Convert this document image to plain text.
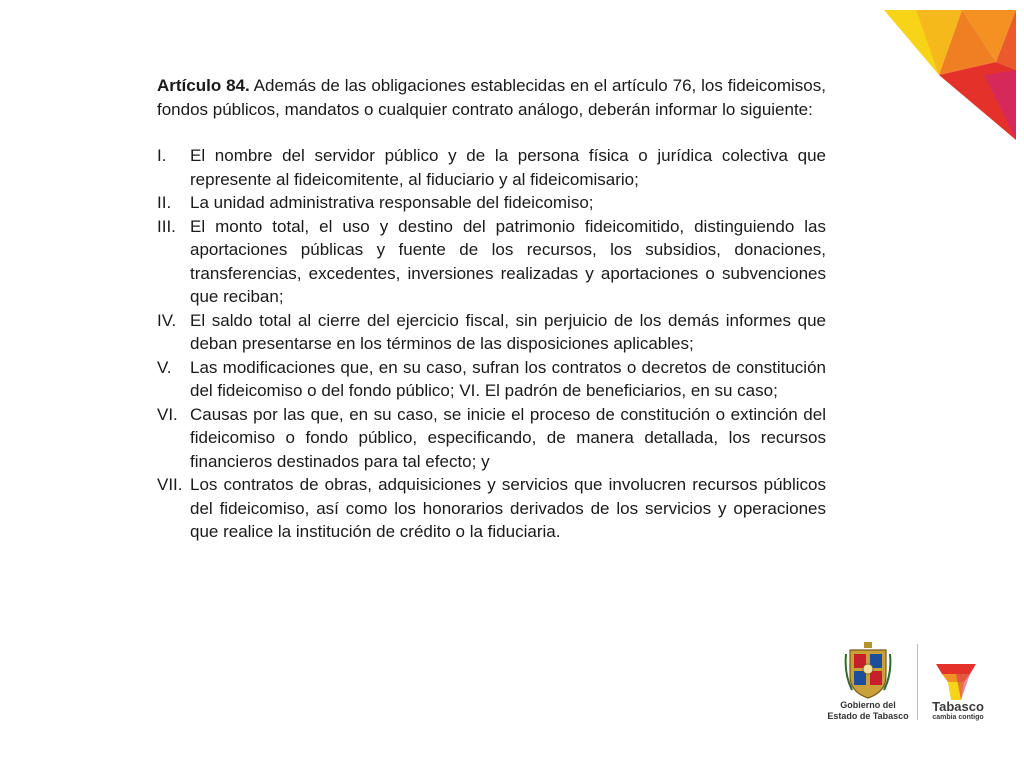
Artículo 84. Además de las obligaciones establecidas en el artículo 76, los fideicomisos, fondos públicos, mandatos o cualquier contrato análogo, deberán informar lo siguiente:

I.	El nombre del servidor público y de la persona física o jurídica colectiva que represente al fideicomitente, al fiduciario y al fideicomisario;
II.	La unidad administrativa responsable del fideicomiso;
III. El monto total, el uso y destino del patrimonio fideicomitido, distinguiendo las aportaciones públicas y fuente de los recursos, los subsidios, donaciones, transferencias, excedentes, inversiones realizadas y aportaciones o subvenciones que reciban;
IV. El saldo total al cierre del ejercicio fiscal, sin perjuicio de los demás informes que deban presentarse en los términos de las disposiciones aplicables;
V.	Las modificaciones que, en su caso, sufran los contratos o decretos de constitución del fideicomiso o del fondo público; VI. El padrón de beneficiarios, en su caso;
VI. Causas por las que, en su caso, se inicie el proceso de constitución o extinción del fideicomiso o fondo público, especificando, de manera detallada, los recursos financieros destinados para tal efecto; y
VII. Los contratos de obras, adquisiciones y servicios que involucren recursos públicos del fideicomiso, así como los honorarios derivados de los servicios y operaciones que realice la institución de crédito o la fiduciaria.
Gobierno del
Estado de Tabasco
Tabasco
cambia contigo
